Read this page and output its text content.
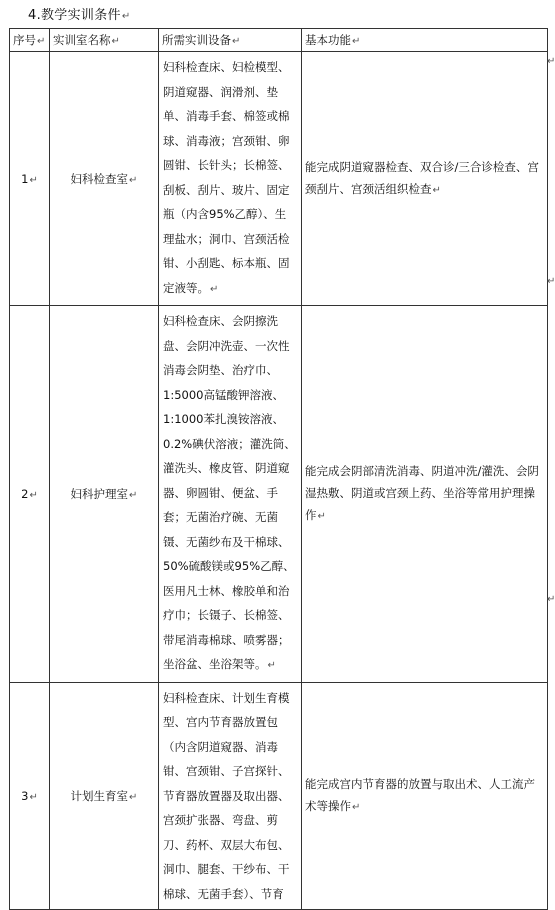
4.教学实训条件↵
序号↵	实训室名称↵	所需实训设备↵	基本功能↵
1↵	妇科检查室↵	妇科检查床、妇检模型、阴道窥器、润滑剂、垫单、消毒手套、棉签或棉球、消毒液；宫颈钳、卵圆钳、长针头；长棉签、刮板、刮片、玻片、固定瓶（内含95%乙醇）、生理盐水；洞巾、宫颈活检钳、小刮匙、标本瓶、固定液等。↵	能完成阴道窥器检查、双合诊/三合诊检查、宫颈刮片、宫颈活组织检查↵
2↵	妇科护理室↵	妇科检查床、会阴擦洗盘、会阴冲洗壶、一次性消毒会阴垫、治疗巾、1:5000高锰酸钾溶液、1:1000苯扎溴铵溶液、0.2%碘伏溶液；灌洗筒、灌洗头、橡皮管、阴道窥器、卵圆钳、便盆、手套；无菌治疗碗、无菌镊、无菌纱布及干棉球、50%硫酸镁或95%乙醇、医用凡士林、橡胶单和治疗巾；长镊子、长棉签、带尾消毒棉球、喷雾器；坐浴盆、坐浴架等。↵	能完成会阴部清洗消毒、阴道冲洗/灌洗、会阴湿热敷、阴道或宫颈上药、坐浴等常用护理操作↵
3↵	计划生育室↵	妇科检查床、计划生育模型、宫内节育器放置包（内含阴道窥器、消毒钳、宫颈钳、子宫探针、节育器放置器及取出器、宫颈扩张器、弯盘、剪刀、药杯、双层大布包、洞巾、腿套、干纱布、干棉球、无菌手套）、节育	能完成宫内节育器的放置与取出术、人工流产术等操作↵
↵
↵
↵
